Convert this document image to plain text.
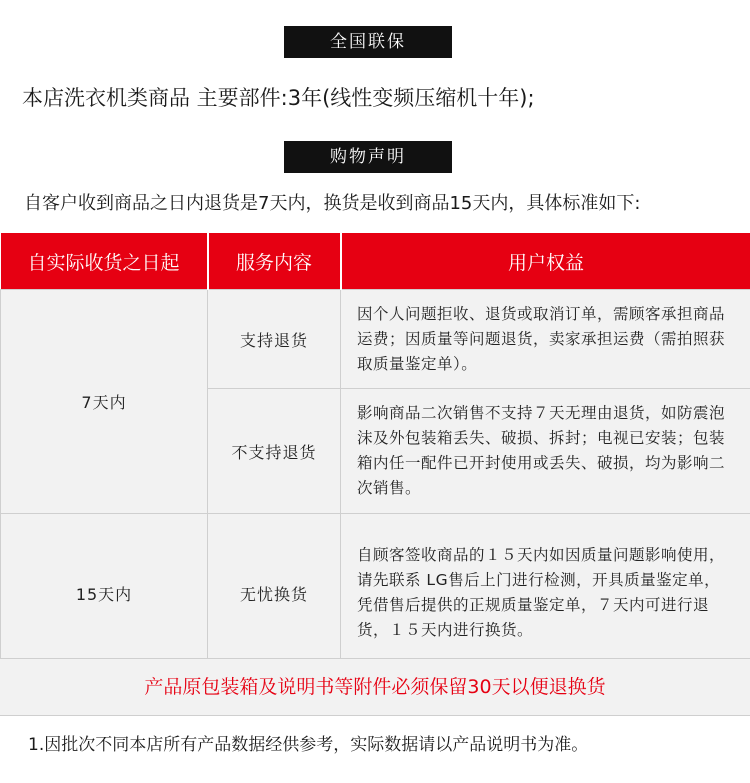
全国联保
本店洗衣机类商品 主要部件:3年(线性变频压缩机十年);
购物声明
自客户收到商品之日内退货是7天内，换货是收到商品15天内，具体标准如下:
自实际收货之日起	服务内容	用户权益
7天内	支持退货	因个人问题拒收、退货或取消订单，需顾客承担商品运费；因质量等问题退货，卖家承担运费（需拍照获取质量鉴定单）。
	不支持退货	影响商品二次销售不支持７天无理由退货，如防震泡沫及外包装箱丢失、破损、拆封；电视已安装；包装箱内任一配件已开封使用或丢失、破损，均为影响二次销售。
15天内	无忧换货	自顾客签收商品的１５天内如因质量问题影响使用，请先联系 LG售后上门进行检测，开具质量鉴定单，凭借售后提供的正规质量鉴定单，７天内可进行退货，１５天内进行换货。
产品原包装箱及说明书等附件必须保留30天以便退换货
1.因批次不同本店所有产品数据经供参考，实际数据请以产品说明书为准。
